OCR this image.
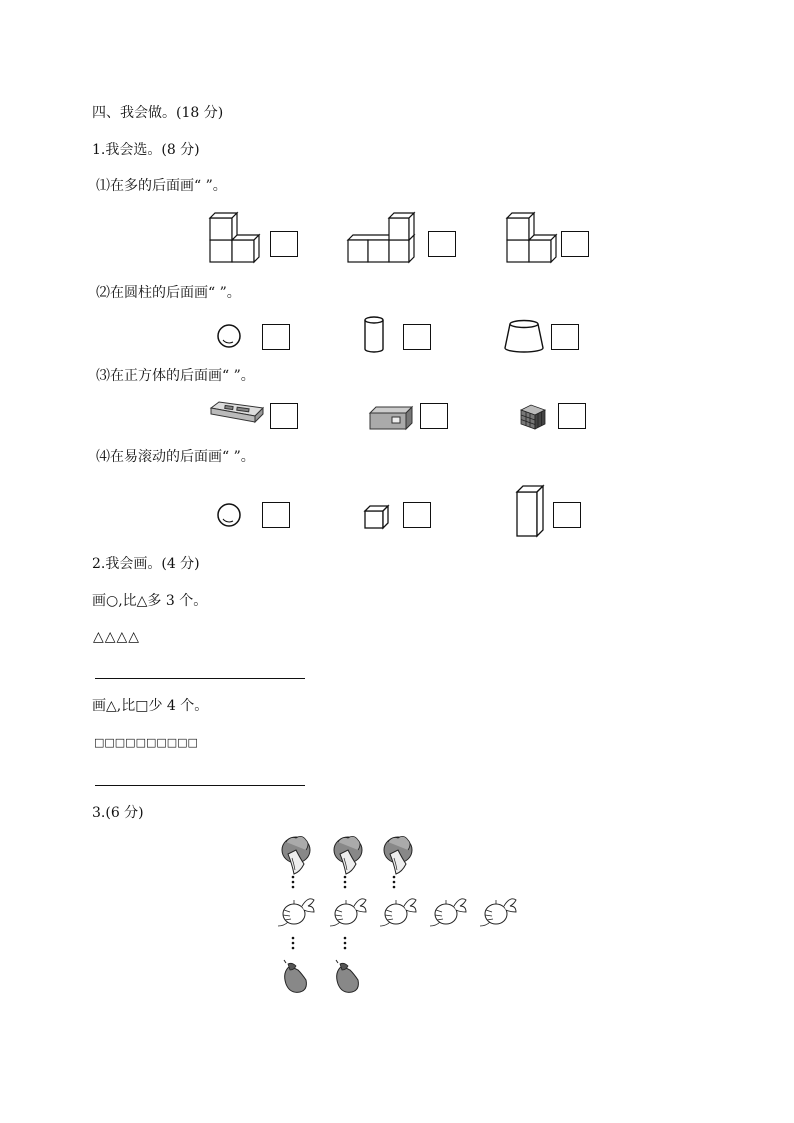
四、我会做。(18 分)
1.我会选。(8 分)
⑴在多的后面画“ ”。
⑵在圆柱的后面画“ ”。
⑶在正方体的后面画“ ”。
⑷在易滚动的后面画“ ”。
2.我会画。(4 分)
画○,比△多 3 个。
△△△△
画△,比□少 4 个。
□□□□□□□□□□
3.(6 分)
